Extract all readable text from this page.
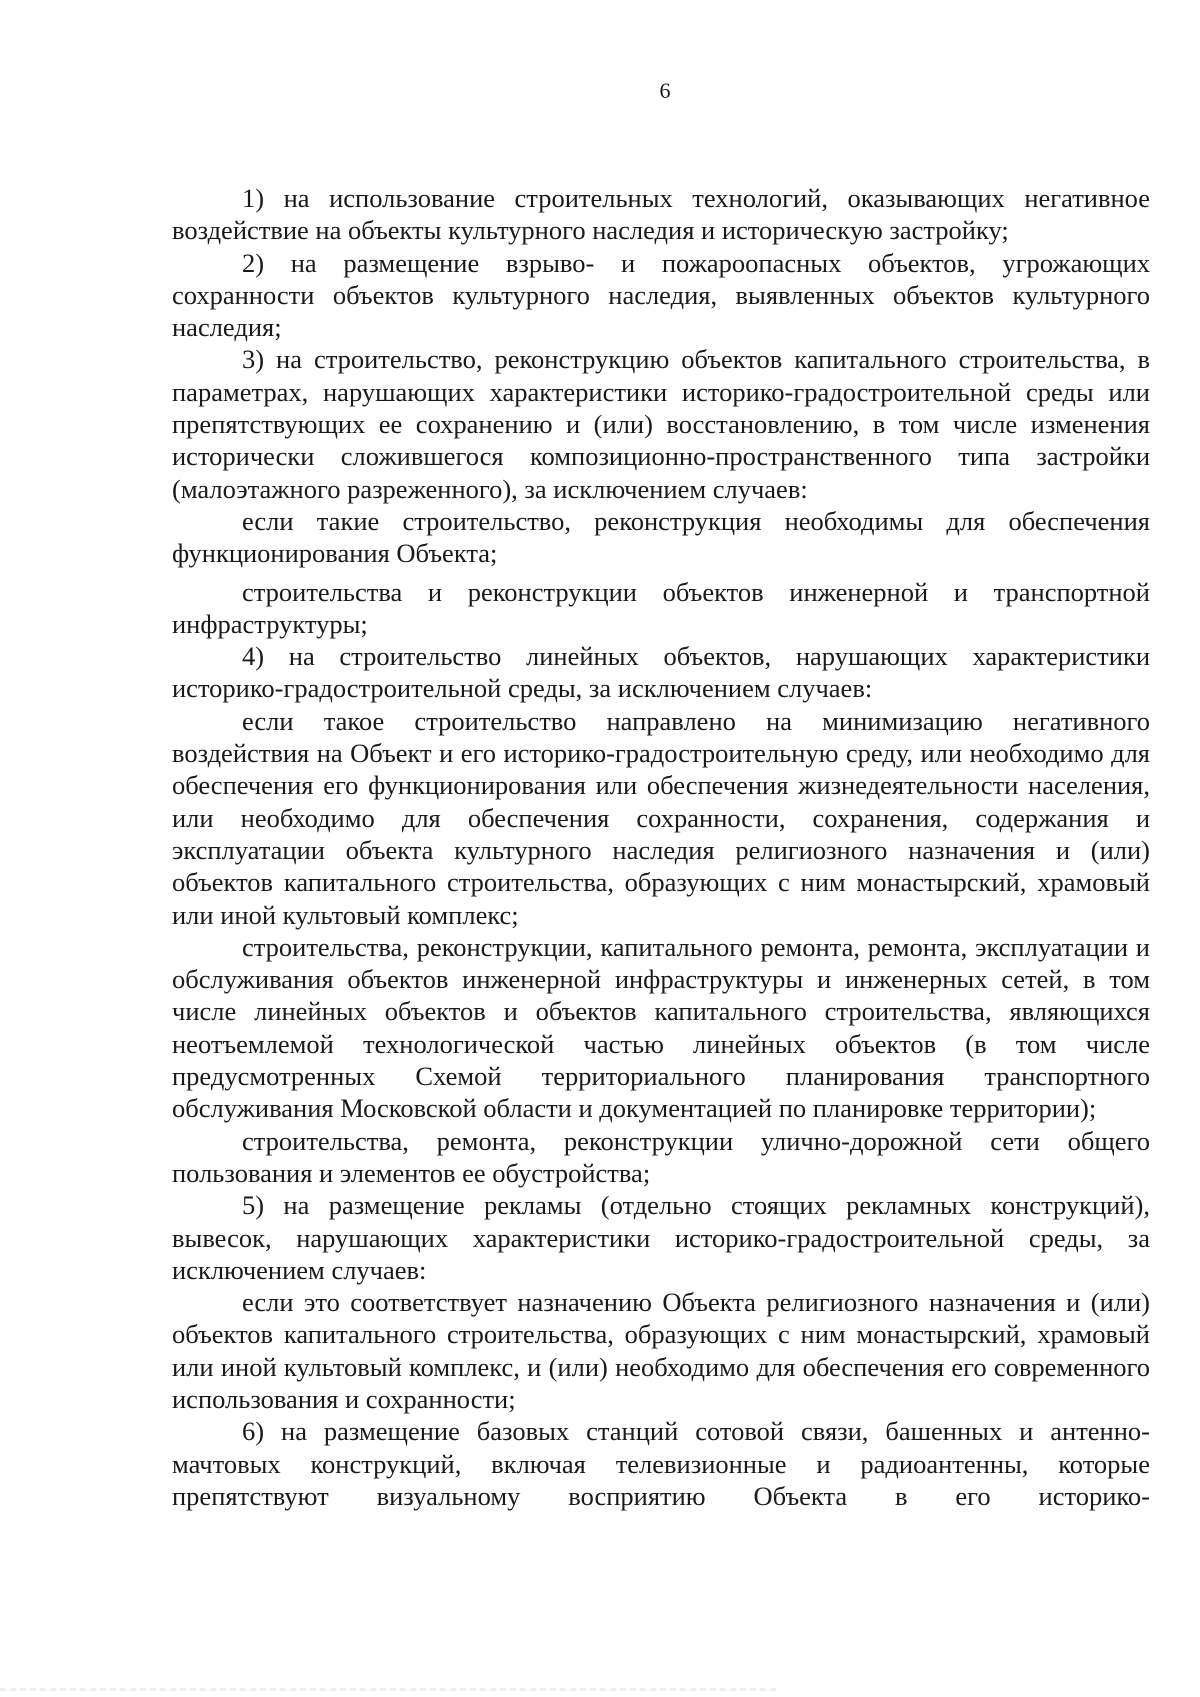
6

1) на использование строительных технологий, оказывающих негативное воздействие на объекты культурного наследия и историческую застройку;

2) на размещение взрыво- и пожароопасных объектов, угрожающих сохранности объектов культурного наследия, выявленных объектов культурного наследия;

3) на строительство, реконструкцию объектов капитального строительства, в параметрах, нарушающих характеристики историко-градостроительной среды или препятствующих ее сохранению и (или) восстановлению, в том числе изменения исторически сложившегося композиционно-пространственного типа застройки (малоэтажного разреженного), за исключением случаев:

если такие строительство, реконструкция необходимы для обеспечения функционирования Объекта;

строительства и реконструкции объектов инженерной и транспортной инфраструктуры;

4) на строительство линейных объектов, нарушающих характеристики историко-градостроительной среды, за исключением случаев:

если такое строительство направлено на минимизацию негативного воздействия на Объект и его историко-градостроительную среду, или необходимо для обеспечения его функционирования или обеспечения жизнедеятельности населения, или необходимо для обеспечения сохранности, сохранения, содержания и эксплуатации объекта культурного наследия религиозного назначения и (или) объектов капитального строительства, образующих с ним монастырский, храмовый или иной культовый комплекс;

строительства, реконструкции, капитального ремонта, ремонта, эксплуатации и обслуживания объектов инженерной инфраструктуры и инженерных сетей, в том числе линейных объектов и объектов капитального строительства, являющихся неотъемлемой технологической частью линейных объектов (в том числе предусмотренных Схемой территориального планирования транспортного обслуживания Московской области и документацией по планировке территории);

строительства, ремонта, реконструкции улично-дорожной сети общего пользования и элементов ее обустройства;

5) на размещение рекламы (отдельно стоящих рекламных конструкций), вывесок, нарушающих характеристики историко-градостроительной среды, за исключением случаев:

если это соответствует назначению Объекта религиозного назначения и (или) объектов капитального строительства, образующих с ним монастырский, храмовый или иной культовый комплекс, и (или) необходимо для обеспечения его современного использования и сохранности;

6) на размещение базовых станций сотовой связи, башенных и антенно-мачтовых конструкций, включая телевизионные и радиоантенны, которые препятствуют визуальному восприятию Объекта в его историко-
